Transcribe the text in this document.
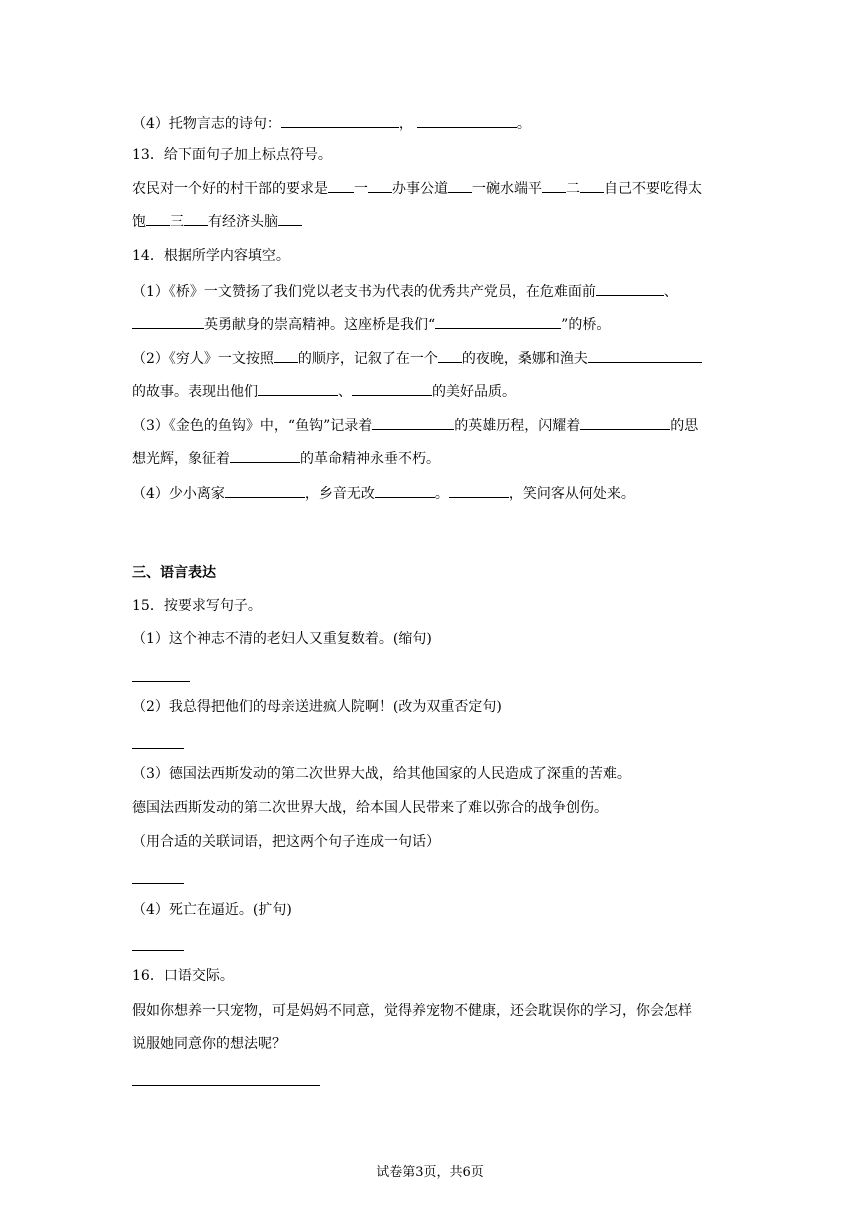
（4）托物言志的诗句：	，	。
13．给下面句子加上标点符号。
农民对一个好的村干部的要求是 一 办事公道 一碗水端平 二 自己不要吃得太
饱 三 有经济头脑
14．根据所学内容填空。
（1）《桥》一文赞扬了我们党以老支书为代表的优秀共产党员，在危难面前	、
英勇献身的崇高精神。这座桥是我们“	”的桥。
（2）《穷人》一文按照 的顺序，记叙了在一个 的夜晚，桑娜和渔夫
的故事。表现出他们	、	的美好品质。
（3）《金色的鱼钩》中，“鱼钩”记录着	的英雄历程，闪耀着	的思
想光辉，象征着	的革命精神永垂不朽。
（4）少小离家	，乡音无改	。	，笑问客从何处来。
三、语言表达
15．按要求写句子。
（1）这个神志不清的老妇人又重复数着。(缩句)
（2）我总得把他们的母亲送进疯人院啊！(改为双重否定句)
（3）德国法西斯发动的第二次世界大战，给其他国家的人民造成了深重的苦难。
德国法西斯发动的第二次世界大战，给本国人民带来了难以弥合的战争创伤。
（用合适的关联词语，把这两个句子连成一句话）
（4）死亡在逼近。(扩句)
16．口语交际。
假如你想养一只宠物，可是妈妈不同意，觉得养宠物不健康，还会耽误你的学习，你会怎样
说服她同意你的想法呢？
试卷第3页，共6页
